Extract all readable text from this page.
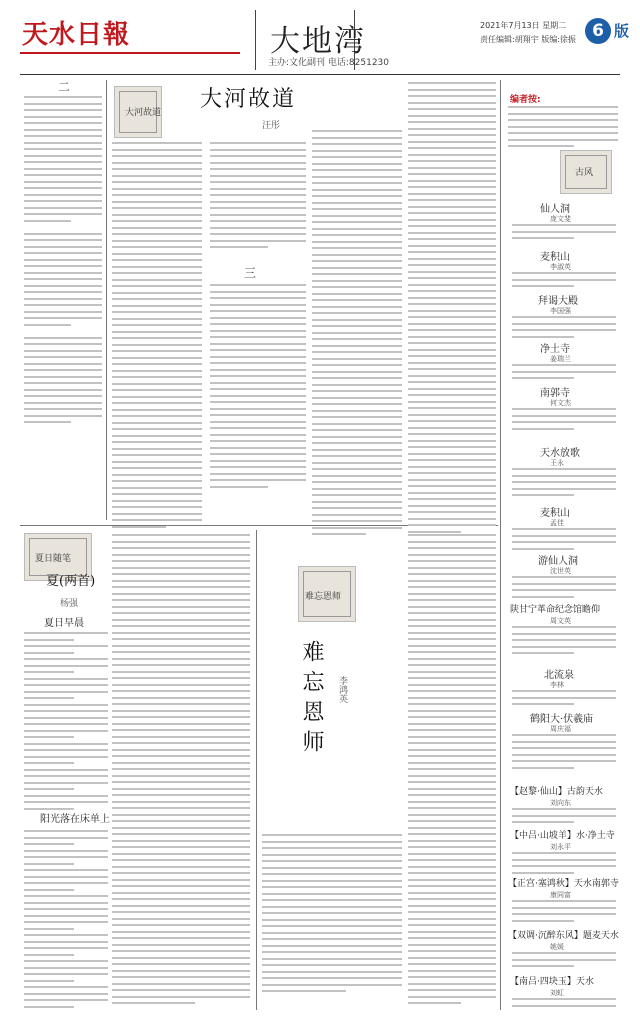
天水日報	大地湾
主办:文化副刊 电话:8251230
2021年7月13日 星期二
责任编辑:胡翔宇 版编:徐振 6 版
二
大河故道
大河故道
汪彤
三
夏日随笔
夏(两首)
杨强
夏日早晨
阳光落在床单上
难忘恩师
难忘恩师	李鸿英
编者按:
古风
仙人洞
庞文斐
麦积山
李淑英
拜谒大殿
李国强
净土寺
姜瑞兰
南郭寺
何文杰
天水放歌
王永
麦积山
孟佳
游仙人洞
沈世英
陕甘宁革命纪念馆瞻仰
周文英
北流泉
李林
鹤阳大·伏羲庙
周庆福
【赵黎·仙山】古韵天水
刘向东
【中吕·山坡羊】水·净土寺
刘永平
【正宫·塞鸿秋】天水南郭寺
康同富
【双调·沉醉东风】题麦天水
姚媛
【南吕·四块玉】天水
刘虹
